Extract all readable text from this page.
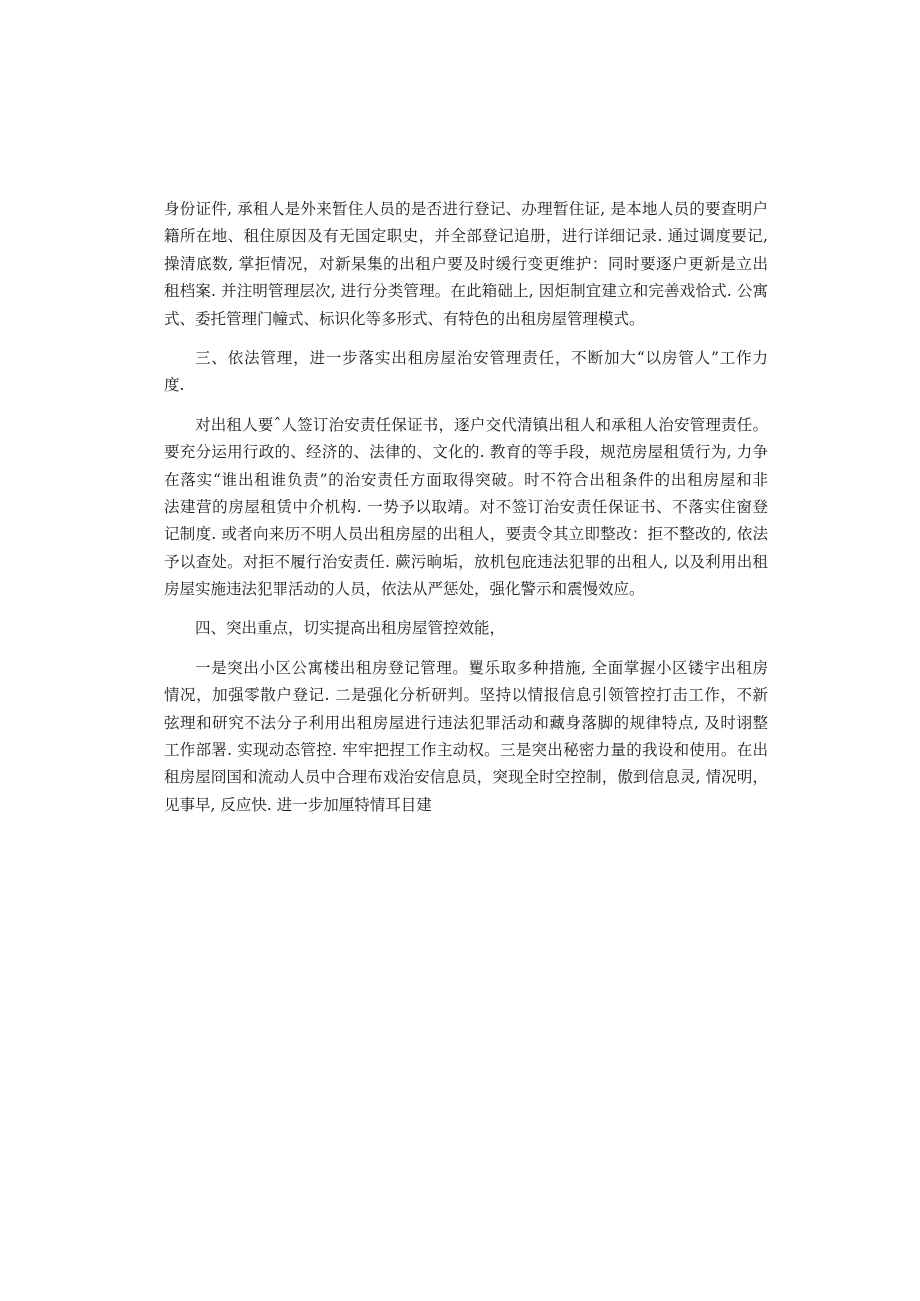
身份证件, 承租人是外来暂住人员的是否进行登记、办理暂住证, 是本地人员的要查明户
籍所在地、租住原因及有无国定职史，并全部登记追册，进行详细记录. 通过调度要记,
操清底数, 掌拒情况，对新杲集的出租户要及时缓行变更维护：同时要逐户更新是立出
租档案. 并注明管理层次, 进行分类管理。在此箱础上, 因炬制宜建立和完善戏恰式. 公寓
式、委托管理门幢式、标识化等多形式、有特色的出租房屋管理模式。
三、依法管理，进一步落实出租房屋治安管理责任，不断加大“以房管人”工作力
度.
对出租人要ˆ人签订治安责任保证书，逐户交代清镇出租人和承租人治安管理责任。
要充分运用行政的、经济的、法律的、文化的. 教育的等手段，规范房屋租赁行为, 力争
在落实“谁出租谁负责”的治安责任方面取得突破。时不符合出租条件的出租房屋和非
法建营的房屋租赁中介机构. 一势予以取靖。对不签订治安责任保证书、不落实住窗登
记制度. 或者向来历不明人员出租房屋的出租人，要责令其立即整改：拒不整改的, 依法
予以查处。对拒不履行治安责任. 蕨污晌垢，放机包庇违法犯罪的出租人, 以及利用出租
房屋实施违法犯罪活动的人员，依法从严惩处，强化警示和震慢效应。
四、突出重点，切实提高出租房屋管控效能，
一是突出小区公寓楼出租房登记管理。矍乐取多种措施, 全面掌握小区镂宇出租房
情况，加强零散户登记. 二是强化分析研判。坚持以情报信息引领管控打击工作，不新
弦理和研究不法分子利用出租房屋进行违法犯罪活动和藏身落脚的规律特点, 及时诩整
工作部署. 实现动态管控. 牢牢把捏工作主动权。三是突出秘密力量的我设和使用。在出
租房屋冏国和流动人员中合理布戏治安信息员，突现全时空控制，傲到信息灵, 情况明，
见事早, 反应快. 进一步加厘特情耳目建
